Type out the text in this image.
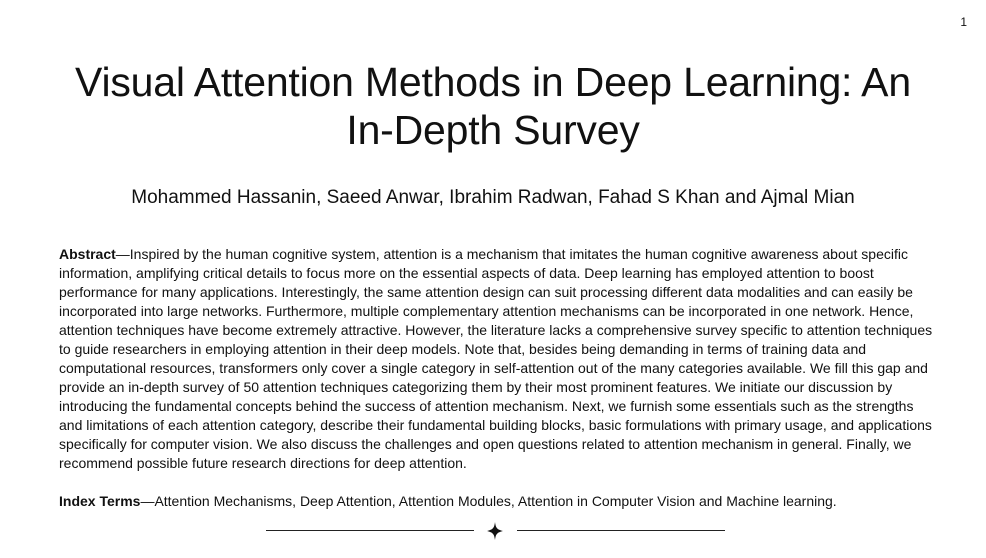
1
Visual Attention Methods in Deep Learning: An
In-Depth Survey
Mohammed Hassanin, Saeed Anwar, Ibrahim Radwan, Fahad S Khan and Ajmal Mian

Abstract—Inspired by the human cognitive system, attention is a mechanism that imitates the human cognitive awareness about specific information, amplifying critical details to focus more on the essential aspects of data. Deep learning has employed attention to boost performance for many applications. Interestingly, the same attention design can suit processing different data modalities and can easily be incorporated into large networks. Furthermore, multiple complementary attention mechanisms can be incorporated in one network. Hence, attention techniques have become extremely attractive. However, the literature lacks a comprehensive survey specific to attention techniques to guide researchers in employing attention in their deep models. Note that, besides being demanding in terms of training data and computational resources, transformers only cover a single category in self-attention out of the many categories available. We fill this gap and provide an in-depth survey of 50 attention techniques categorizing them by their most prominent features. We initiate our discussion by introducing the fundamental concepts behind the success of attention mechanism. Next, we furnish some essentials such as the strengths and limitations of each attention category, describe their fundamental building blocks, basic formulations with primary usage, and applications specifically for computer vision. We also discuss the challenges and open questions related to attention mechanism in general. Finally, we recommend possible future research directions for deep attention.

Index Terms—Attention Mechanisms, Deep Attention, Attention Modules, Attention in Computer Vision and Machine learning.
